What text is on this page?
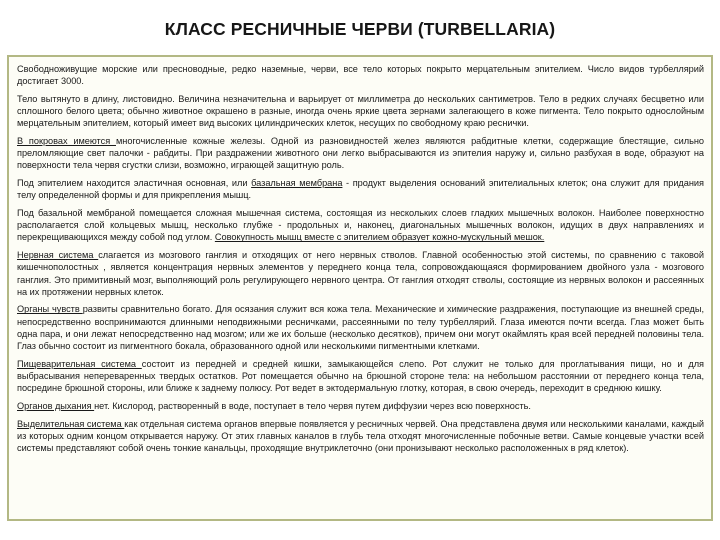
КЛАСС РЕСНИЧНЫЕ ЧЕРВИ (TURBELLARIA)

Свободноживущие морские или пресноводные, редко наземные, черви, все тело которых покрыто мерцательным эпителием. Число видов турбеллярий достигает 3000.

Тело вытянуто в длину, листовидно. Величина незначительна и варьирует от миллиметра до нескольких сантиметров. Тело в редких случаях бесцветно или сплошного белого цвета; обычно животное окрашено в разные, иногда очень яркие цвета зернами залегающего в коже пигмента. Тело покрыто однослойным мерцательным эпителием, который имеет вид высоких цилиндрических клеток, несущих по свободному краю реснички.

В покровах имеются многочисленные кожные железы. Одной из разновидностей желез являются рабдитные клетки, содержащие блестящие, сильно преломляющие свет палочки - рабдиты. При раздражении животного они легко выбрасываются из эпителия наружу и, сильно разбухая в воде, образуют на поверхности тела червя сгустки слизи, возможно, играющей защитную роль.

Под эпителием находится эластичная основная, или базальная мембрана - продукт выделения оснований эпителиальных клеток; она служит для придания телу определенной формы и для прикрепления мышц.

Под базальной мембраной помещается сложная мышечная система, состоящая из нескольких слоев гладких мышечных волокон. Наиболее поверхностно располагается слой кольцевых мышц, несколько глубже - продольных и, наконец, диагональных мышечных волокон, идущих в двух направлениях и перекрещивающихся между собой под углом. Совокупность мышц вместе с эпителием образует кожно-мускульный мешок.

Нервная система слагается из мозгового ганглия и отходящих от него нервных стволов. Главной особенностью этой системы, по сравнению с таковой кишечнополостных , является концентрация нервных элементов у переднего конца тела, сопровождающаяся формированием двойного узла - мозгового ганглия. Это примитивный мозг, выполняющий роль регулирующего нервного центра. От ганглия отходят стволы, состоящие из нервных волокон и рассеянных на их протяжении нервных клеток.

Органы чувств развиты сравнительно богато. Для осязания служит вся кожа тела. Механические и химические раздражения, поступающие из внешней среды, непосредственно воспринимаются длинными неподвижными ресничками, рассеянными по телу турбеллярий. Глаза имеются почти всегда. Глаз может быть одна пара, и они лежат непосредственно над мозгом; или же их больше (несколько десятков), причем они могут окаймлять края всей передней половины тела. Глаз обычно состоит из пигментного бокала, образованного одной или несколькими пигментными клетками.

Пищеварительная система состоит из передней и средней кишки, замыкающейся слепо. Рот служит не только для проглатывания пищи, но и для выбрасывания непереваренных твердых остатков. Рот помещается обычно на брюшной стороне тела: на небольшом расстоянии от переднего конца тела, посредине брюшной стороны, или ближе к заднему полюсу. Рот ведет в эктодермальную глотку, которая, в свою очередь, переходит в среднюю кишку.

Органов дыхания нет. Кислород, растворенный в воде, поступает в тело червя путем диффузии через всю поверхность.

Выделительная система как отдельная система органов впервые появляется у ресничных червей. Она представлена двумя или несколькими каналами, каждый из которых одним концом открывается наружу. От этих главных каналов в глубь тела отходят многочисленные побочные ветви. Самые концевые участки всей системы представляют собой очень тонкие канальцы, проходящие внутриклеточно (они пронизывают несколько расположенных в ряд клеток).
